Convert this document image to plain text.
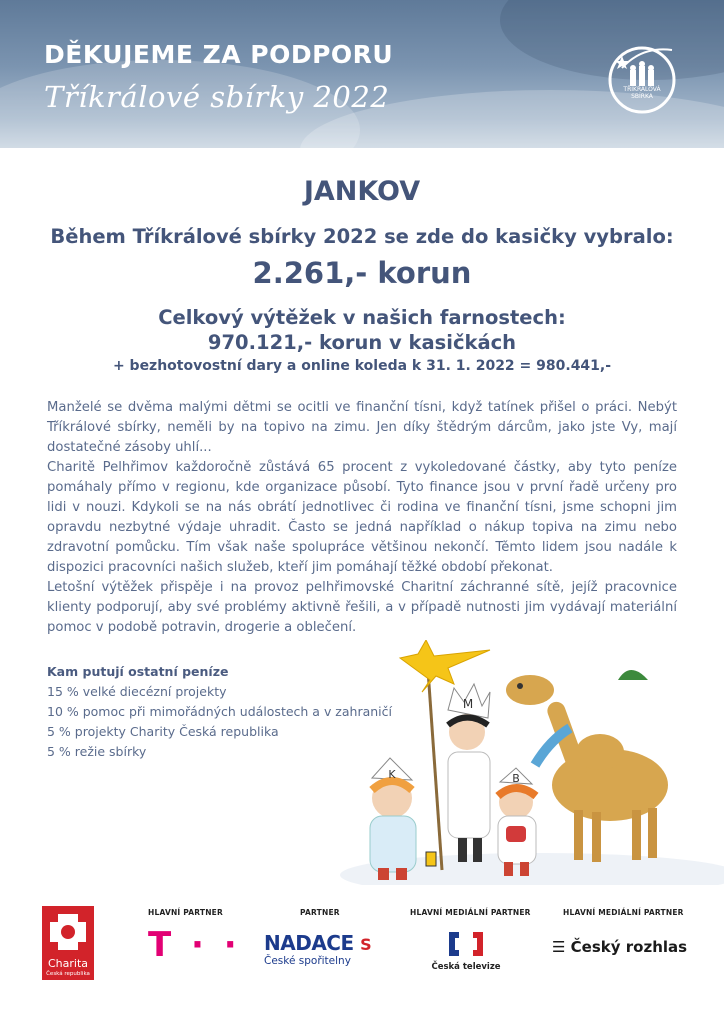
DĚKUJEME ZA PODPORU
Tříkrálové sbírky 2022	TŘÍKRÁLOVÁ SBÍRKA
JANKOV
Během Tříkrálové sbírky 2022 se zde do kasičky vybralo:
2.261,- korun
Celkový výtěžek v našich farnostech:
970.121,- korun v kasičkách
+ bezhotovostní dary a online koleda k 31. 1. 2022 = 980.441,-

Manželé se dvěma malými dětmi se ocitli ve finanční tísni, když tatínek přišel o práci. Nebýt Tříkrálové sbírky, neměli by na topivo na zimu. Jen díky štědrým dárcům, jako jste Vy, mají dostatečné zásoby uhlí...

Charitě Pelhřimov každoročně zůstává 65 procent z vykoledované částky, aby tyto peníze pomáhaly přímo v regionu, kde organizace působí. Tyto finance jsou v první řadě určeny pro lidi v nouzi. Kdykoli se na nás obrátí jednotlivec či rodina ve finanční tísni, jsme schopni jim opravdu nezbytné výdaje uhradit. Často se jedná například o nákup topiva na zimu nebo zdravotní pomůcku. Tím však naše spolupráce většinou nekončí. Těmto lidem jsou nadále k dispozici pracovníci našich služeb, kteří jim pomáhají těžké období překonat.

Letošní výtěžek přispěje i na provoz pelhřimovské Charitní záchranné sítě, jejíž pracovnice klienty podporují, aby své problémy aktivně řešili, a v případě nutnosti jim vydávají materiální pomoc v podobě potravin, drogerie a oblečení.

Kam putují ostatní peníze
15 % velké diecézní projekty
10 % pomoc při mimořádných událostech a v zahraničí
5 % projekty Charity Česká republika
5 % režie sbírky
M
K	B
Charita
Česká republika
HLAVNÍ PARTNER	PARTNER	HLAVNÍ MEDIÁLNÍ PARTNER	HLAVNÍ MEDIÁLNÍ PARTNER
T · · NADACE S
České spořitelny	Česká televize
☰ Český rozhlas
